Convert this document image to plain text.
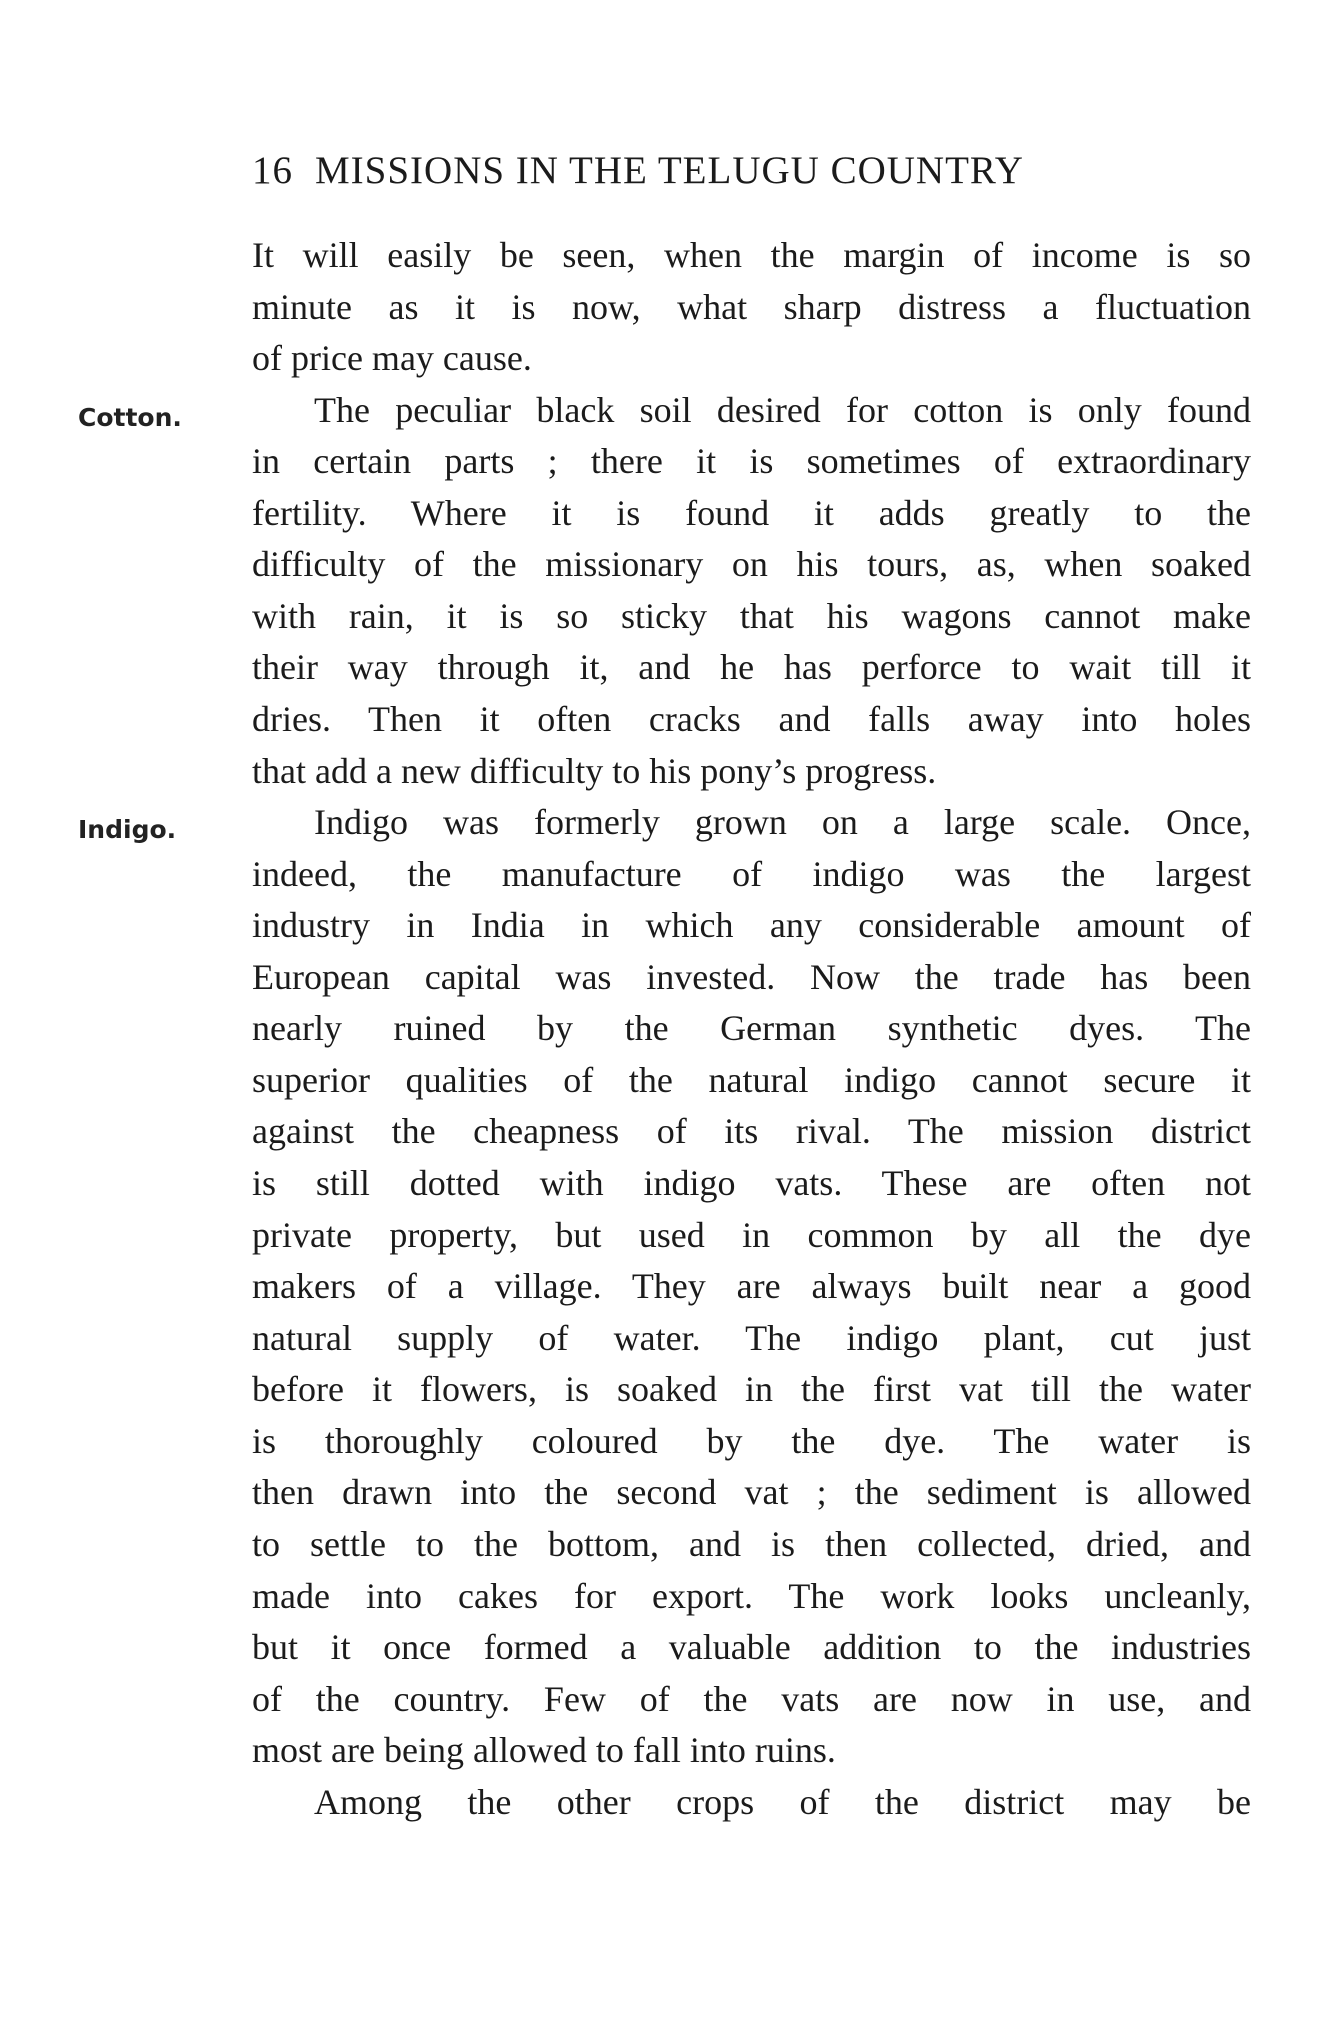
16 MISSIONS IN THE TELUGU COUNTRY
Cotton.
Indigo.
It will easily be seen, when the margin of income is so
minute as it is now, what sharp distress a fluctuation
of price may cause.
The peculiar black soil desired for cotton is only found
in certain parts ; there it is sometimes of extraordinary
fertility. Where it is found it adds greatly to the
difficulty of the missionary on his tours, as, when soaked
with rain, it is so sticky that his wagons cannot make
their way through it, and he has perforce to wait till it
dries. Then it often cracks and falls away into holes
that add a new difficulty to his pony’s progress.
Indigo was formerly grown on a large scale. Once,
indeed, the manufacture of indigo was the largest
industry in India in which any considerable amount of
European capital was invested. Now the trade has been
nearly ruined by the German synthetic dyes. The
superior qualities of the natural indigo cannot secure it
against the cheapness of its rival. The mission district
is still dotted with indigo vats. These are often not
private property, but used in common by all the dye
makers of a village. They are always built near a good
natural supply of water. The indigo plant, cut just
before it flowers, is soaked in the first vat till the water
is thoroughly coloured by the dye. The water is
then drawn into the second vat ; the sediment is allowed
to settle to the bottom, and is then collected, dried, and
made into cakes for export. The work looks uncleanly,
but it once formed a valuable addition to the industries
of the country. Few of the vats are now in use, and
most are being allowed to fall into ruins.
Among the other crops of the district may be
